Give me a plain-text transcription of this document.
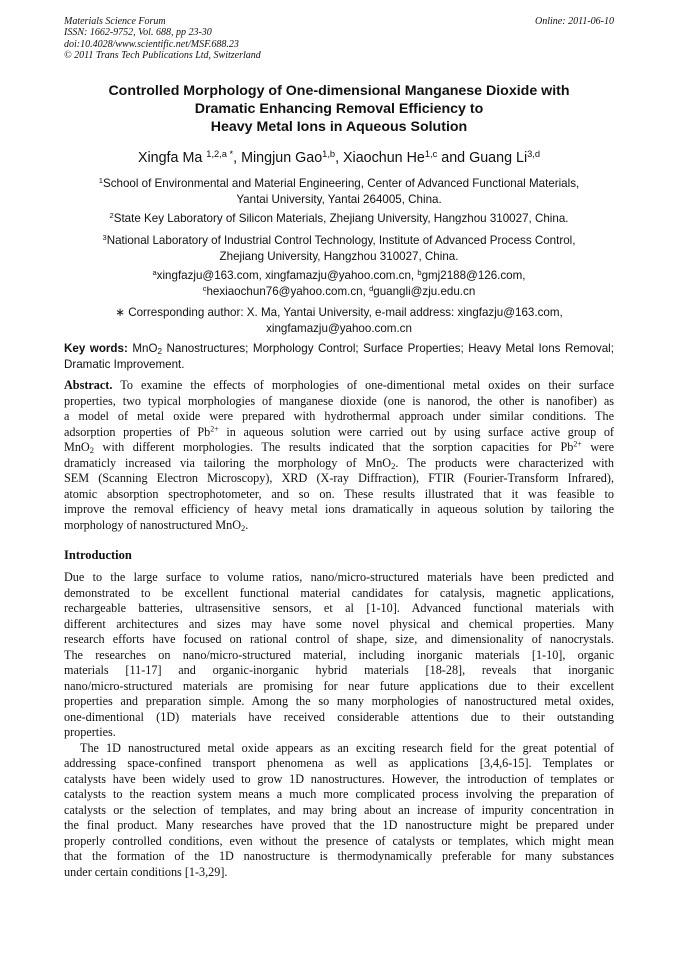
Materials Science Forum
ISSN: 1662-9752, Vol. 688, pp 23-30
doi:10.4028/www.scientific.net/MSF.688.23
© 2011 Trans Tech Publications Ltd, Switzerland
Online: 2011-06-10
Controlled Morphology of One-dimensional Manganese Dioxide with
Dramatic Enhancing Removal Efficiency to
Heavy Metal Ions in Aqueous Solution
Xingfa Ma $^{1,2,a *}$, Mingjun Gao$^{1,b}$, Xiaochun He$^{1,c}$ and Guang Li$^{3,d}$
$^1$School of Environmental and Material Engineering, Center of Advanced Functional Materials,
Yantai University, Yantai 264005, China.
$^2$State Key Laboratory of Silicon Materials, Zhejiang University, Hangzhou 310027, China.
$^3$National Laboratory of Industrial Control Technology, Institute of Advanced Process Control,
Zhejiang University, Hangzhou 310027, China.
$^a$xingfazju@163.com, xingfamazju@yahoo.com.cn, $^b$gmj2188@126.com,
$^c$hexiaochun76@yahoo.com.cn, $^d$guangli@zju.edu.cn
∗ Corresponding author: X. Ma, Yantai University, e-mail address: xingfazju@163.com,
xingfamazju@yahoo.com.cn
Key words: MnO$_2$ Nanostructures; Morphology Control; Surface Properties; Heavy Metal Ions Removal; Dramatic Improvement.
Abstract. To examine the effects of morphologies of one-dimentional metal oxides on their surface
properties, two typical morphologies of manganese dioxide (one is nanorod, the other is nanofiber) as
a model of metal oxide were prepared with hydrothermal approach under similar conditions. The
adsorption properties of $Pb^{2+}$ in aqueous solution were carried out by using surface active group of
MnO$_2$ with different morphologies. The results indicated that the sorption capacities for $Pb^{2+}$ were
dramaticly increased via tailoring the morphology of MnO$_2$. The products were characterized with
SEM (Scanning Electron Microscopy), XRD (X-ray Diffraction), FTIR (Fourier-Transform Infrared),
atomic absorption spectrophotometer, and so on. These results illustrated that it was feasible to
improve the removal efficiency of heavy metal ions dramatically in aqueous solution by tailoring the
morphology of nanostructured MnO$_2$.
Introduction
Due to the large surface to volume ratios, nano/micro-structured materials have been predicted and
demonstrated to be excellent functional material candidates for catalysis, magnetic applications,
rechargeable batteries, ultrasensitive sensors, et al [1-10]. Advanced functional materials with
different architectures and sizes may have some novel physical and chemical properties. Many
research efforts have focused on rational control of shape, size, and dimensionality of nanocrystals.
The researches on nano/micro-structured material, including inorganic materials [1-10], organic
materials [11-17] and organic-inorganic hybrid materials [18-28], reveals that inorganic
nano/micro-structured materials are promising for near future applications due to their excellent
properties and preparation simple. Among the so many morphologies of nanostructured metal oxides,
one-dimentional (1D) materials have received considerable attentions due to their outstanding
properties.
The 1D nanostructured metal oxide appears as an exciting research field for the great potential of
addressing space-confined transport phenomena as well as applications [3,4,6-15]. Templates or
catalysts have been widely used to grow 1D nanostructures. However, the introduction of templates or
catalysts to the reaction system means a much more complicated process involving the preparation of
catalysts or the selection of templates, and may bring about an increase of impurity concentration in
the final product. Many researches have proved that the 1D nanostructure might be prepared under
properly controlled conditions, even without the presence of catalysts or templates, which might mean
that the formation of the 1D nanostructure is thermodynamically preferable for many substances
under certain conditions [1-3,29].
